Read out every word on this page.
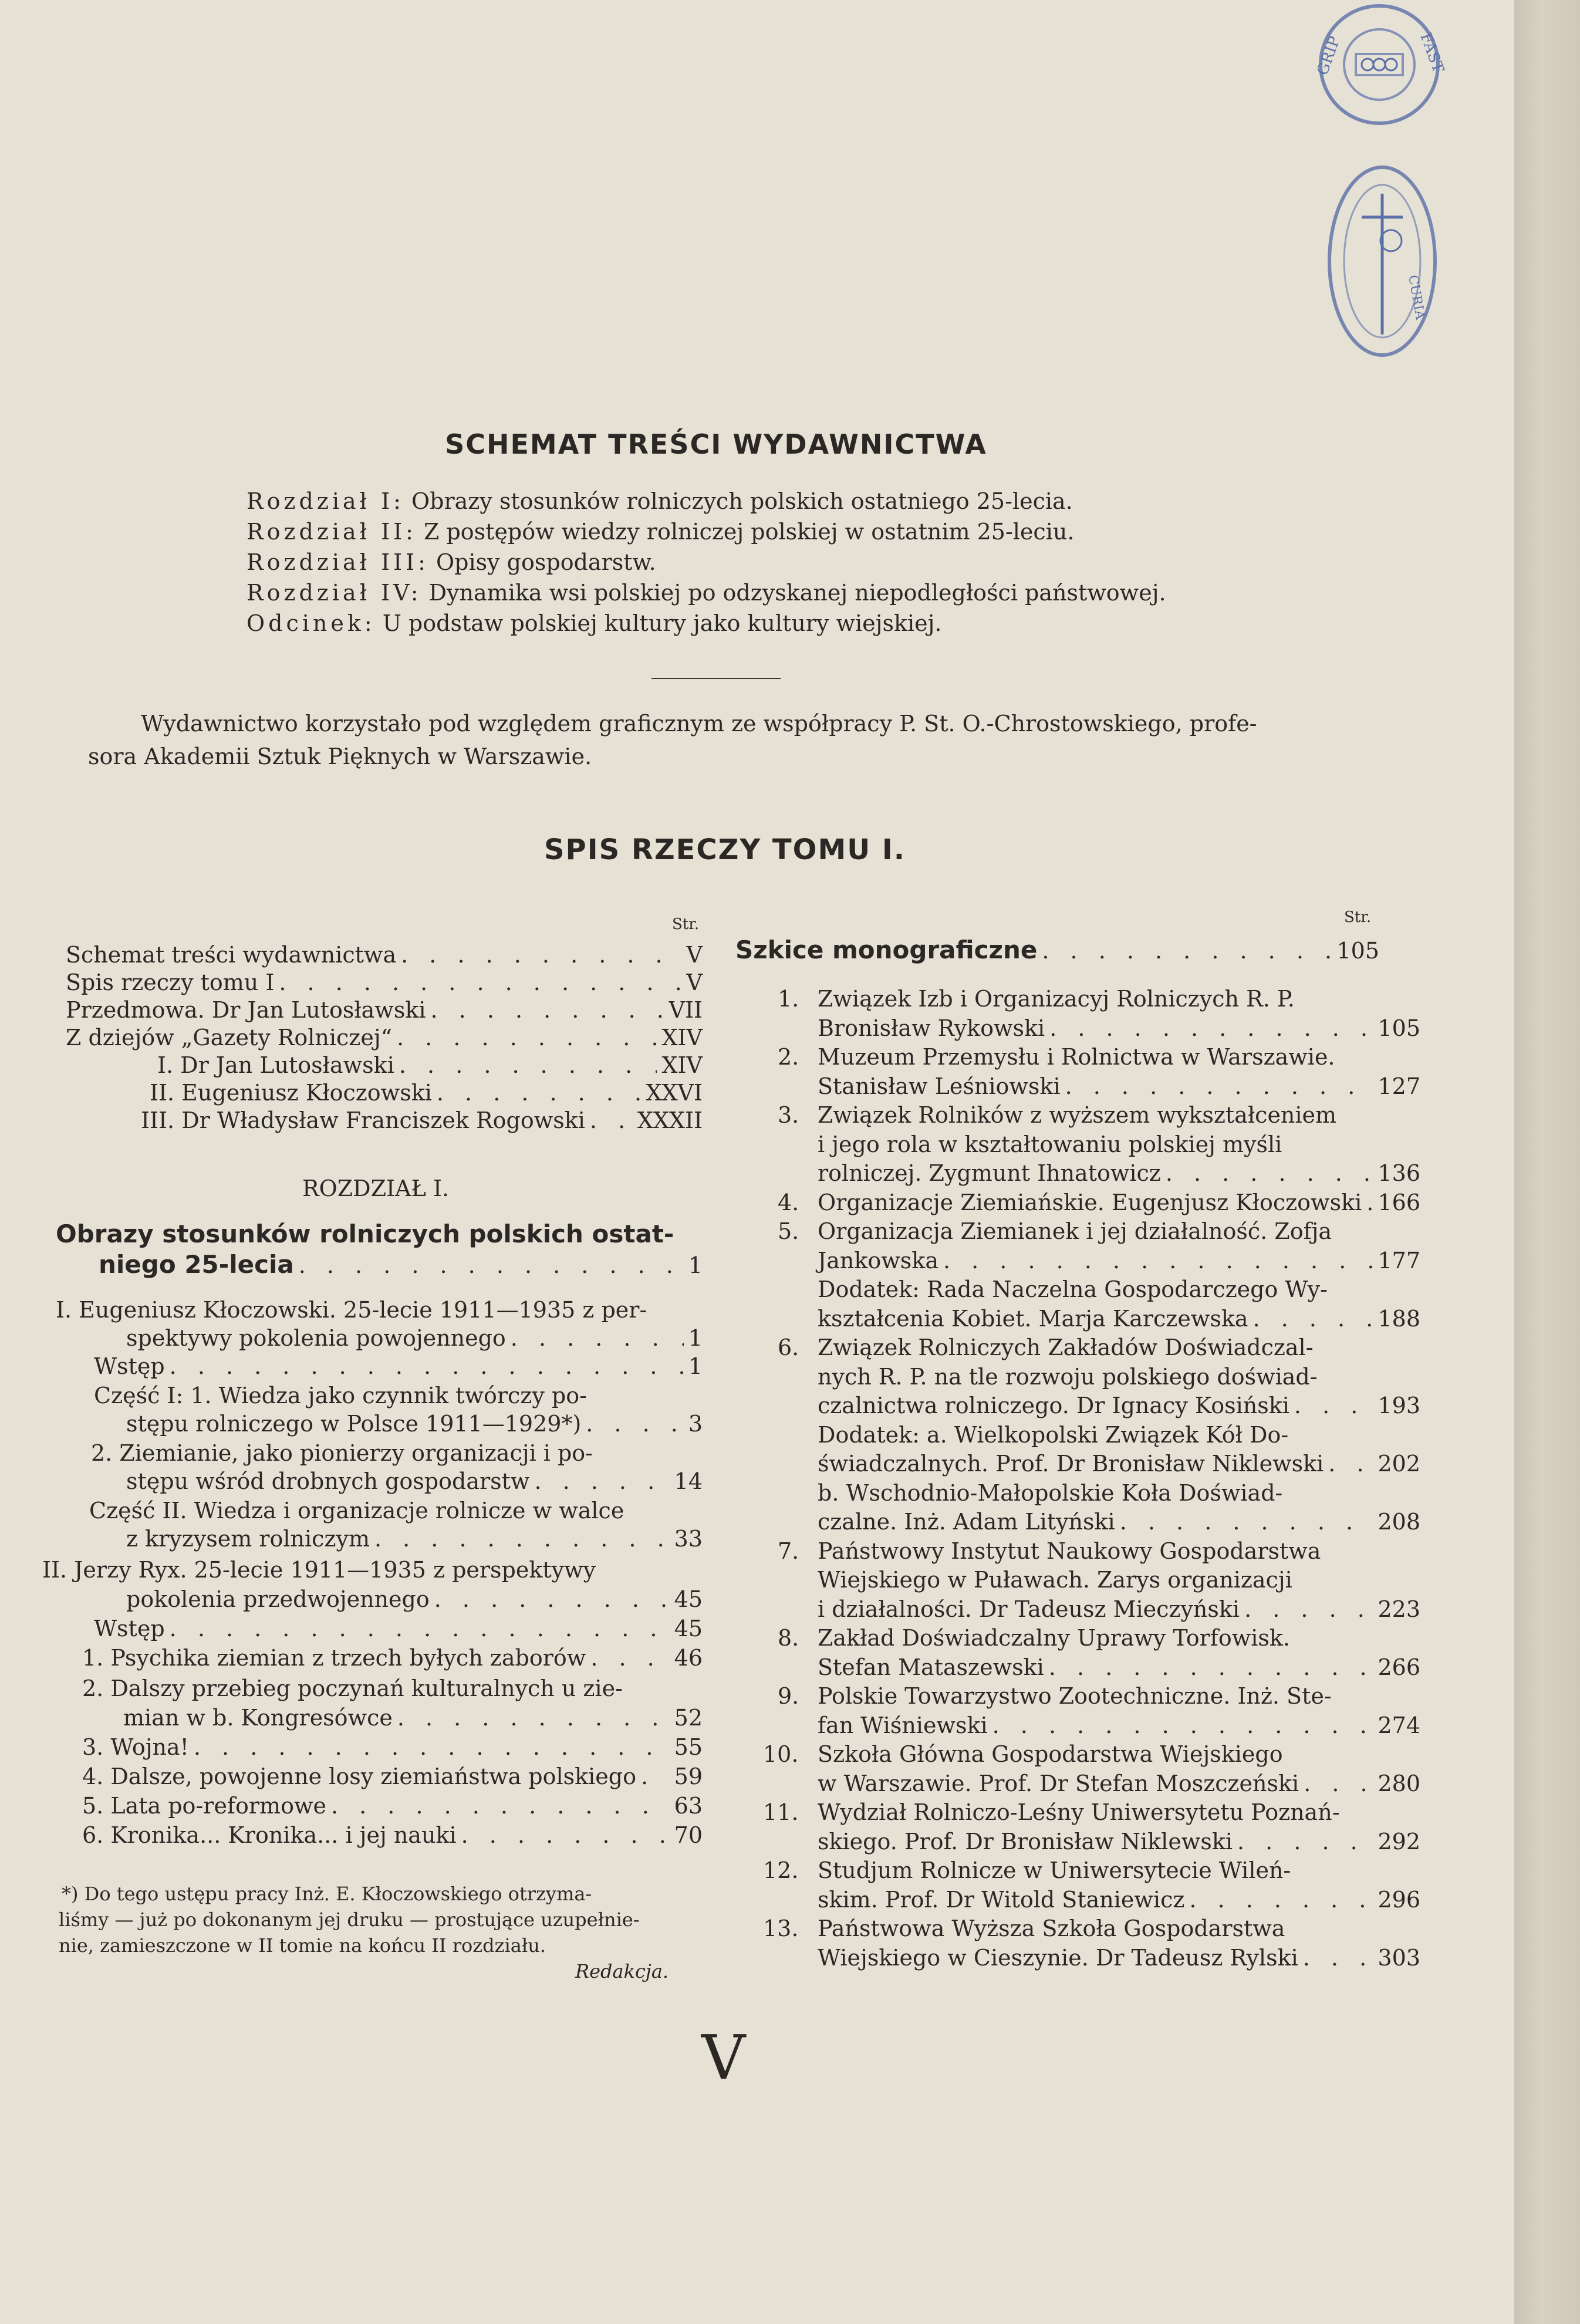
GRIP	FAST
CURIA
SCHEMAT TREŚCI WYDAWNICTWA
Rozdział I: Obrazy stosunków rolniczych polskich ostatniego 25-lecia.
Rozdział II: Z postępów wiedzy rolniczej polskiej w ostatnim 25-leciu.
Rozdział III: Opisy gospodarstw.
Rozdział IV: Dynamika wsi polskiej po odzyskanej niepodległości państwowej.
Odcinek: U podstaw polskiej kultury jako kultury wiejskiej.
Wydawnictwo korzystało pod względem graficznym ze współpracy P. St. O.-Chrostowskiego, profe-
sora Akademii Sztuk Pięknych w Warszawie.
SPIS RZECZY TOMU I.
Str.
Schemat treści wydawnictwa . . .	V
Spis rzeczy tomu I . . .	V
Przedmowa. Dr Jan Lutosławski . . .	VII
Z dziejów „Gazety Rolniczej“ . . .	XIV
I. Dr Jan Lutosławski . . .	XIV
II. Eugeniusz Kłoczowski . . .	XXVI
III. Dr Władysław Franciszek Rogowski . . . XXXII
ROZDZIAŁ I.
Obrazy stosunków rolniczych polskich ostat-
niego 25-lecia . . .	1
I. Eugeniusz Kłoczowski. 25-lecie 1911—1935 z per-
spektywy pokolenia powojennego . . .	1
Wstęp . . .	1
Część I: 1. Wiedza jako czynnik twórczy po-
stępu rolniczego w Polsce 1911—1929*) . . .	3
2. Ziemianie, jako pionierzy organizacji i po-
stępu wśród drobnych gospodarstw . . .	14
Część II. Wiedza i organizacje rolnicze w walce
z kryzysem rolniczym . . .	33
II. Jerzy Ryx. 25-lecie 1911—1935 z perspektywy
pokolenia przedwojennego . . .	45
Wstęp . . .	45
1. Psychika ziemian z trzech byłych zaborów . . .	46
2. Dalszy przebieg poczynań kulturalnych u zie-
mian w b. Kongresówce . . .	52
3. Wojna! . . .	55
4. Dalsze, powojenne losy ziemiaństwa polskiego . . . 59
5. Lata po-reformowe . . .	63
6. Kronika... Kronika... i jej nauki . . .	70
*) Do tego ustępu pracy Inż. E. Kłoczowskiego otrzyma-
liśmy — już po dokonanym jej druku — prostujące uzupełnie-
nie, zamieszczone w II tomie na końcu II rozdziału.
Redakcja.
Str.
Szkice monograficzne . . .	105
1. Związek Izb i Organizacyj Rolniczych R. P.
Bronisław Rykowski . . .	105
2. Muzeum Przemysłu i Rolnictwa w Warszawie.
Stanisław Leśniowski . . .	127
3. Związek Rolników z wyższem wykształceniem
i jego rola w kształtowaniu polskiej myśli
rolniczej. Zygmunt Ihnatowicz . . .	136
4. Organizacje Ziemiańskie. Eugenjusz Kłoczowski . . . 166
5. Organizacja Ziemianek i jej działalność. Zofja
Jankowska . . .	177
Dodatek: Rada Naczelna Gospodarczego Wy-
kształcenia Kobiet. Marja Karczewska . . .	188
6. Związek Rolniczych Zakładów Doświadczal-
nych R. P. na tle rozwoju polskiego doświad-
czalnictwa rolniczego. Dr Ignacy Kosiński . . .	193
Dodatek: a. Wielkopolski Związek Kół Do-
świadczalnych. Prof. Dr Bronisław Niklewski . . . 202
b. Wschodnio-Małopolskie Koła Doświad-
czalne. Inż. Adam Lityński . . .	208
7. Państwowy Instytut Naukowy Gospodarstwa
Wiejskiego w Puławach. Zarys organizacji
i działalności. Dr Tadeusz Mieczyński . . .	223
8. Zakład Doświadczalny Uprawy Torfowisk.
Stefan Mataszewski . . .	266
9. Polskie Towarzystwo Zootechniczne. Inż. Ste-
fan Wiśniewski . . .	274
10. Szkoła Główna Gospodarstwa Wiejskiego
w Warszawie. Prof. Dr Stefan Moszczeński . . .	280
11. Wydział Rolniczo-Leśny Uniwersytetu Poznań-
skiego. Prof. Dr Bronisław Niklewski . . .	292
12. Studjum Rolnicze w Uniwersytecie Wileń-
skim. Prof. Dr Witold Staniewicz . . .	296
13. Państwowa Wyższa Szkoła Gospodarstwa
Wiejskiego w Cieszynie. Dr Tadeusz Rylski . . .	303
V
